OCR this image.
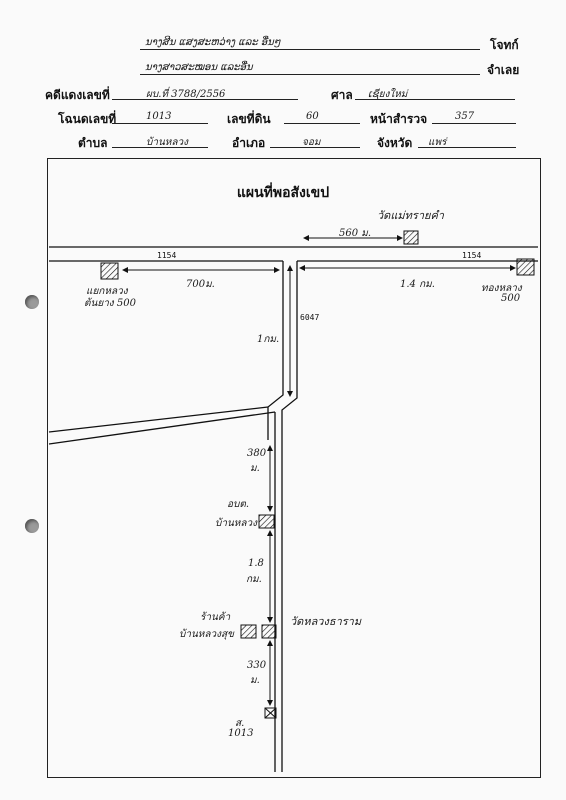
ນາງສີນ ແສງສະຫວ່າງ ແລະ ອື່ນໆ	โจทก์
ນາງສາວສະໝອນ ແລະອື່ນ	จำเลย
คดีแดงเลขที่	ผบ.ที่ 3788/2556	ศาล ເຊียงใหม่
โฉนดเลขที่	1013	เลขที่ดิน	60	หน้าสำรวจ	357
ตำบล	บ้านหลวง	อำเภอ	จอม	จังหวัด แพร่
แผนที่พอสังเขป
วัดแม่ทรายคำ
560 ม.
1154	1154
แยกหลวง
ต้นยาง 500
700ม.	1.4 กม.	ทองหลาง
500
6047
1กม.
380
ม.
อบต.
บ้านหลวง
1.8
กม.
ร้านค้า
บ้านหลวงสุข
วัดหลวงธาราม
330
ม.
ส.
1013
